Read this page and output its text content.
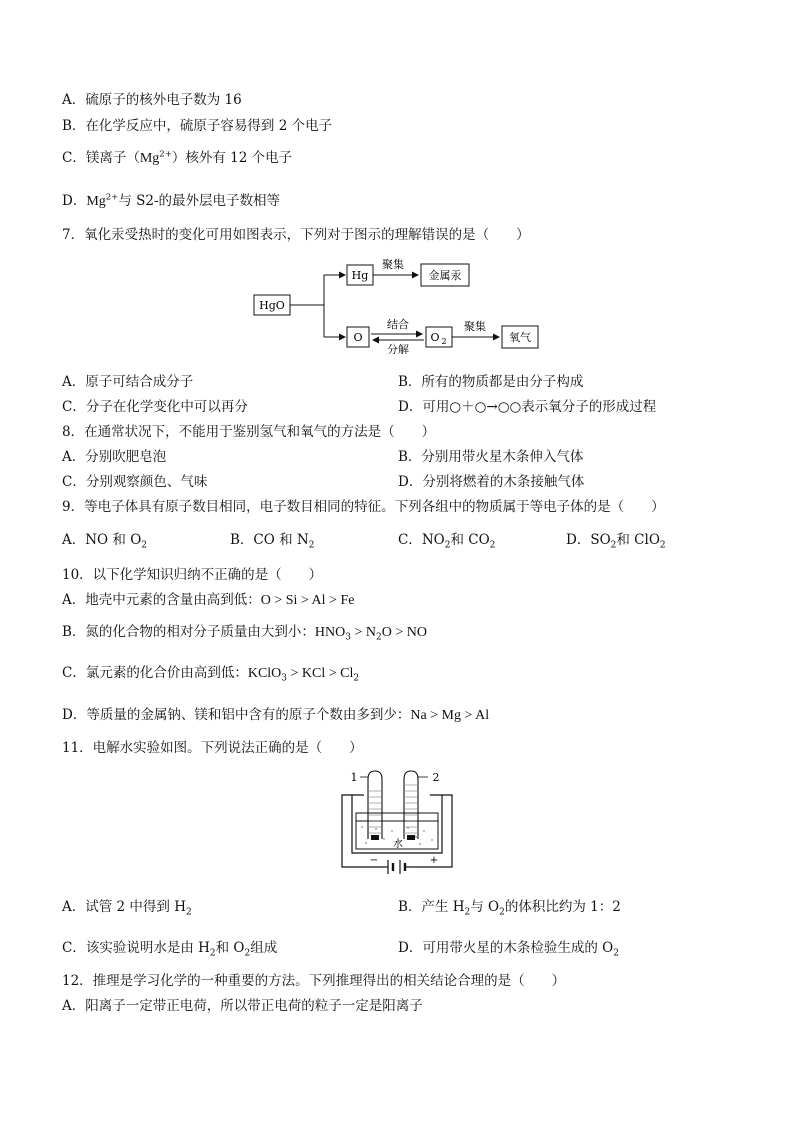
A．硫原子的核外电子数为 16
B．在化学反应中，硫原子容易得到 2 个电子
C．镁离子$(Mg^{2+})$核外有 12 个电子
D．$Mg^{2+}$与 S2-的最外层电子数相等
7．氧化汞受热时的变化可用如图表示，下列对于图示的理解错误的是（　　）
HgO
Hg
聚集
金属汞
O
结合
分解
O 2
聚集
氧气
A．原子可结合成分子	B．所有的物质都是由分子构成
C．分子在化学变化中可以再分	D．可用○＋○→○○表示氧分子的形成过程
8．在通常状况下，不能用于鉴别氢气和氧气的方法是（　　）
A．分别吹肥皂泡	B．分别用带火星木条伸入气体
C．分别观察颜色、气味	D．分别将燃着的木条接触气体
9．等电子体具有原子数目相同，电子数目相同的特征。下列各组中的物质属于等电子体的是（　　）
A．NO 和 $O_2$	B．CO 和 $N_2$	C．$NO_2$和 $CO_2$	D．$SO_2$和 ClO$_2$
10．以下化学知识归纳不正确的是（　　）
A．地壳中元素的含量由高到低：O > Si > Al > Fe
B．氮的化合物的相对分子质量由大到小：$HNO_3 > N_2O$ > NO
C．氯元素的化合价由高到低：KClO$_3$ > KCl > $Cl_2$
D．等质量的金属钠、镁和铝中含有的原子个数由多到少：Na > Mg > Al
11．电解水实验如图。下列说法正确的是（　　）
1	2
水
−	+
A．试管 2 中得到 $H_2$	B．产生 $H_2$与 $O_2$的体积比约为 1：2
C．该实验说明水是由 $H_2$和 $O_2$组成	D．可用带火星的木条检验生成的 $O_2$
12．推理是学习化学的一种重要的方法。下列推理得出的相关结论合理的是（　　）
A．阳离子一定带正电荷，所以带正电荷的粒子一定是阳离子
